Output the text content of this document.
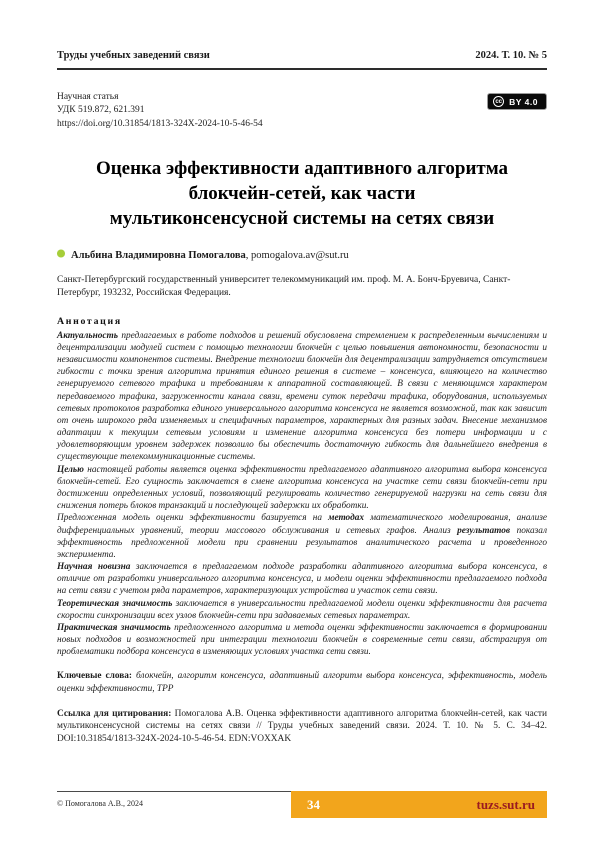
Труды учебных заведений связи	2024. Т. 10. № 5
Научная статья
УДК 519.872, 621.391
https://doi.org/10.31854/1813-324X-2024-10-5-46-54
cc BY 4.0
Оценка эффективности адаптивного алгоритма
блокчейн-сетей, как части
мультиконсенсусной системы на сетях связи
Альбина Владимировна Помогалова, pomogalova.av@sut.ru

Санкт-Петербургский государственный университет телекоммуникаций им. проф. М. А. Бонч-Бруевича, Санкт-Петербург, 193232, Российская Федерация.

Аннотация

Актуальность предлагаемых в работе подходов и решений обусловлена стремлением к распределенным вычислениям и децентрализации модулей систем с помощью технологии блокчейн с целью повышения автономности, безопасности и независимости компонентов системы. Внедрение технологии блокчейн для децентрализации затрудняется отсутствием гибкости с точки зрения алгоритма принятия единого решения в системе – консенсуса, влияющего на количество генерируемого сетевого трафика и требованиям к аппаратной составляющей. В связи с меняющимся характером передаваемого трафика, загруженности канала связи, времени суток передачи трафика, оборудования, используемых сетевых протоколов разработка единого универсального алгоритма консенсуса не является возможной, так как зависит от очень широкого ряда изменяемых и специфичных параметров, характерных для разных задач. Внесение механизмов адаптации к текущим сетевым условиям и изменение алгоритма консенсуса без потери информации и с удовлетворяющим уровнем задержек позволило бы обеспечить достаточную гибкость для дальнейшего внедрения в существующие телекоммуникационные системы.

Целью настоящей работы является оценка эффективности предлагаемого адаптивного алгоритма выбора консенсуса блокчейн-сетей. Его сущность заключается в смене алгоритма консенсуса на участке сети связи блокчейн-сети при достижении определенных условий, позволяющий регулировать количество генерируемой нагрузки на сеть связи для снижения потерь блоков транзакций и последующей задержки их обработки.

Предложенная модель оценки эффективности базируется на методах математического моделирования, анализе дифференциальных уравнений, теории массового обслуживания и сетевых графов. Анализ результатов показал эффективность предложенной модели при сравнении результатов аналитического расчета и проведенного эксперимента.

Научная новизна заключается в предлагаемом подходе разработки адаптивного алгоритма выбора консенсуса, в отличие от разработки универсального алгоритма консенсуса, и модели оценки эффективности предлагаемого подхода на сети связи с учетом ряда параметров, характеризующих устройства и участок сети связи.

Теоретическая значимость заключается в универсальности предлагаемой модели оценки эффективности для расчета скорости синхронизации всех узлов блокчейн-сети при задаваемых сетевых параметрах.

Практическая значимость предложенного алгоритма и метода оценки эффективности заключается в формировании новых подходов и возможностей при интеграции технологии блокчейн в современные сети связи, абстрагируя от проблематики подбора консенсуса в изменяющих условиях участка сети связи.

Ключевые слова: блокчейн, алгоритм консенсуса, адаптивный алгоритм выбора консенсуса, эффективность, модель оценки эффективности, TPP

Ссылка для цитирования: Помогалова А.В. Оценка эффективности адаптивного алгоритма блокчейн-сетей, как части мультиконсенсусной системы на сетях связи // Труды учебных заведений связи. 2024. Т. 10. № 5. С. 34–42. DOI:10.31854/1813-324X-2024-10-5-46-54. EDN:VOXXAK

© Помогалова А.В., 2024	34	tuzs.sut.ru
